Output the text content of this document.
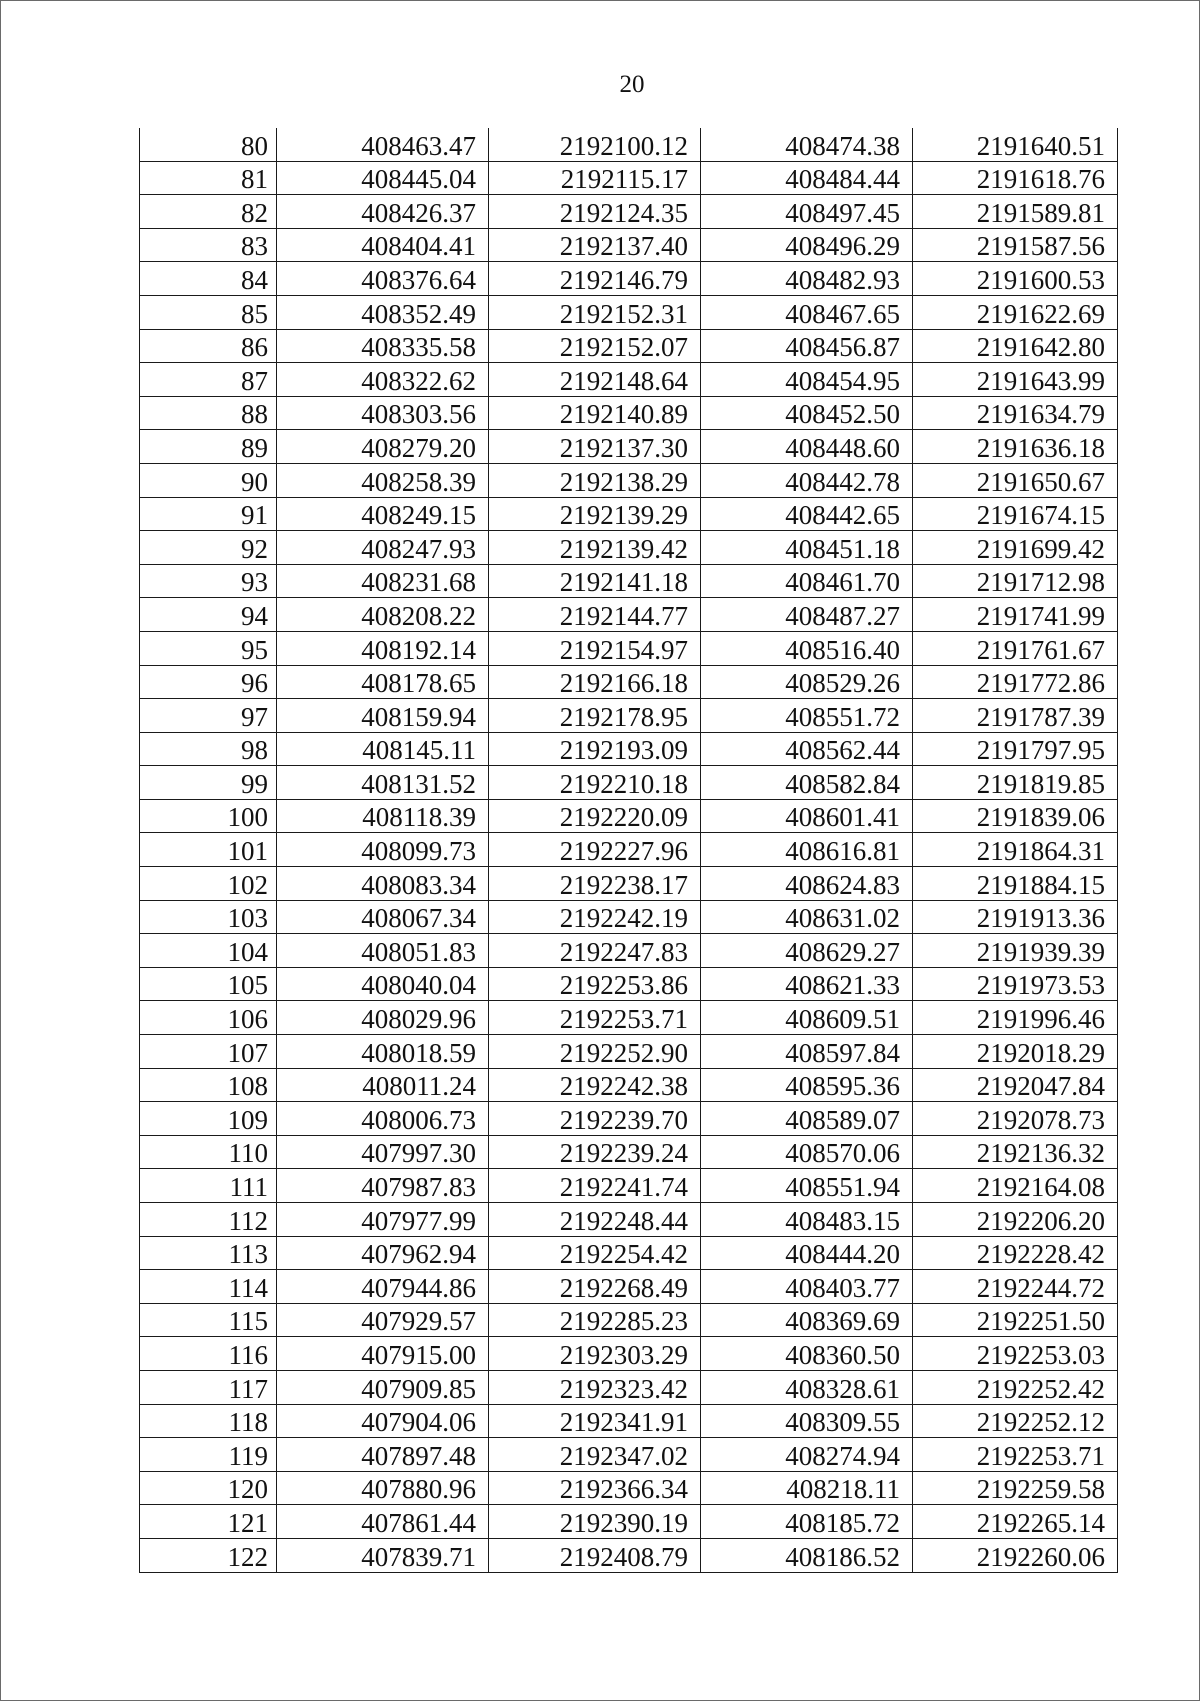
20
80	408463.47	2192100.12	408474.38	2191640.51
81	408445.04	2192115.17	408484.44	2191618.76
82	408426.37	2192124.35	408497.45	2191589.81
83	408404.41	2192137.40	408496.29	2191587.56
84	408376.64	2192146.79	408482.93	2191600.53
85	408352.49	2192152.31	408467.65	2191622.69
86	408335.58	2192152.07	408456.87	2191642.80
87	408322.62	2192148.64	408454.95	2191643.99
88	408303.56	2192140.89	408452.50	2191634.79
89	408279.20	2192137.30	408448.60	2191636.18
90	408258.39	2192138.29	408442.78	2191650.67
91	408249.15	2192139.29	408442.65	2191674.15
92	408247.93	2192139.42	408451.18	2191699.42
93	408231.68	2192141.18	408461.70	2191712.98
94	408208.22	2192144.77	408487.27	2191741.99
95	408192.14	2192154.97	408516.40	2191761.67
96	408178.65	2192166.18	408529.26	2191772.86
97	408159.94	2192178.95	408551.72	2191787.39
98	408145.11	2192193.09	408562.44	2191797.95
99	408131.52	2192210.18	408582.84	2191819.85
100	408118.39	2192220.09	408601.41	2191839.06
101	408099.73	2192227.96	408616.81	2191864.31
102	408083.34	2192238.17	408624.83	2191884.15
103	408067.34	2192242.19	408631.02	2191913.36
104	408051.83	2192247.83	408629.27	2191939.39
105	408040.04	2192253.86	408621.33	2191973.53
106	408029.96	2192253.71	408609.51	2191996.46
107	408018.59	2192252.90	408597.84	2192018.29
108	408011.24	2192242.38	408595.36	2192047.84
109	408006.73	2192239.70	408589.07	2192078.73
110	407997.30	2192239.24	408570.06	2192136.32
111	407987.83	2192241.74	408551.94	2192164.08
112	407977.99	2192248.44	408483.15	2192206.20
113	407962.94	2192254.42	408444.20	2192228.42
114	407944.86	2192268.49	408403.77	2192244.72
115	407929.57	2192285.23	408369.69	2192251.50
116	407915.00	2192303.29	408360.50	2192253.03
117	407909.85	2192323.42	408328.61	2192252.42
118	407904.06	2192341.91	408309.55	2192252.12
119	407897.48	2192347.02	408274.94	2192253.71
120	407880.96	2192366.34	408218.11	2192259.58
121	407861.44	2192390.19	408185.72	2192265.14
122	407839.71	2192408.79	408186.52	2192260.06
